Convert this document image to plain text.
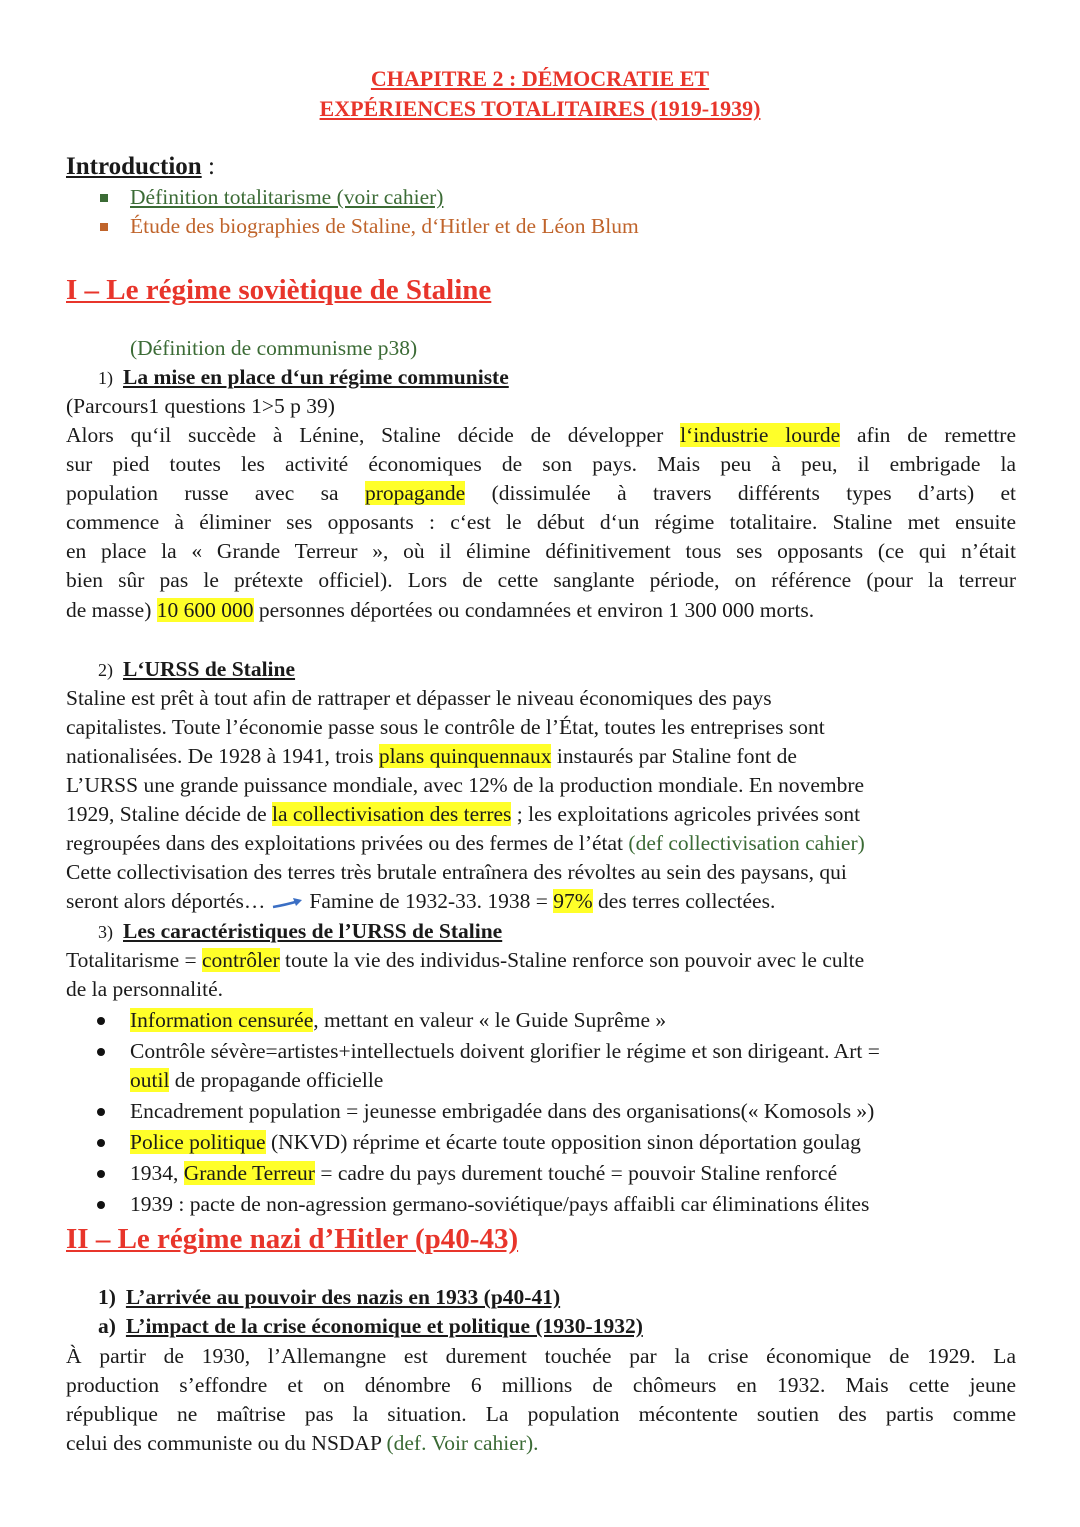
CHAPITRE 2 : DÉMOCRATIE ET
EXPÉRIENCES TOTALITAIRES (1919-1939)
Introduction :
Définition totalitarisme (voir cahier)
Étude des biographies de Staline, d‘Hitler et de Léon Blum
I – Le régime soviètique de Staline
(Définition de communisme p38)
1) La mise en place d‘un régime communiste
(Parcours1 questions 1>5 p 39)
Alors qu‘il succède à Lénine, Staline décide de développer l‘industrie lourde afin de remettre
sur pied toutes les activité économiques de son pays. Mais peu à peu, il embrigade la
population russe avec sa propagande (dissimulée à travers différents types d’arts) et
commence à éliminer ses opposants : c‘est le début d‘un régime totalitaire. Staline met ensuite
en place la « Grande Terreur », où il élimine définitivement tous ses opposants (ce qui n’était
bien sûr pas le prétexte officiel). Lors de cette sanglante période, on référence (pour la terreur
de masse) 10 600 000 personnes déportées ou condamnées et environ 1 300 000 morts.
2) L‘URSS de Staline
Staline est prêt à tout afin de rattraper et dépasser le niveau économiques des pays
capitalistes. Toute l’économie passe sous le contrôle de l’État, toutes les entreprises sont
nationalisées. De 1928 à 1941, trois plans quinquennaux instaurés par Staline font de
L’URSS une grande puissance mondiale, avec 12% de la production mondiale. En novembre
1929, Staline décide de la collectivisation des terres ; les exploitations agricoles privées sont
regroupées dans des exploitations privées ou des fermes de l’état (def collectivisation cahier)
Cette collectivisation des terres très brutale entraînera des révoltes au sein des paysans, qui
seront alors déportés… Famine de 1932-33. 1938 = 97% des terres collectées.
3) Les caractéristiques de l’URSS de Staline
Totalitarisme = contrôler toute la vie des individus-Staline renforce son pouvoir avec le culte
de la personnalité.
Information censurée, mettant en valeur « le Guide Suprême »
Contrôle sévère=artistes+intellectuels doivent glorifier le régime et son dirigeant. Art =
outil de propagande officielle
Encadrement population = jeunesse embrigadée dans des organisations(« Komosols »)
Police politique (NKVD) réprime et écarte toute opposition sinon déportation goulag
1934, Grande Terreur = cadre du pays durement touché = pouvoir Staline renforcé
1939 : pacte de non-agression germano-soviétique/pays affaibli car éliminations élites
II – Le régime nazi d’Hitler (p40-43)
1) L’arrivée au pouvoir des nazis en 1933 (p40-41)
a) L’impact de la crise économique et politique (1930-1932)
À partir de 1930, l’Allemangne est durement touchée par la crise économique de 1929. La
production s’effondre et on dénombre 6 millions de chômeurs en 1932. Mais cette jeune
république ne maîtrise pas la situation. La population mécontente soutien des partis comme
celui des communiste ou du NSDAP (def. Voir cahier).
